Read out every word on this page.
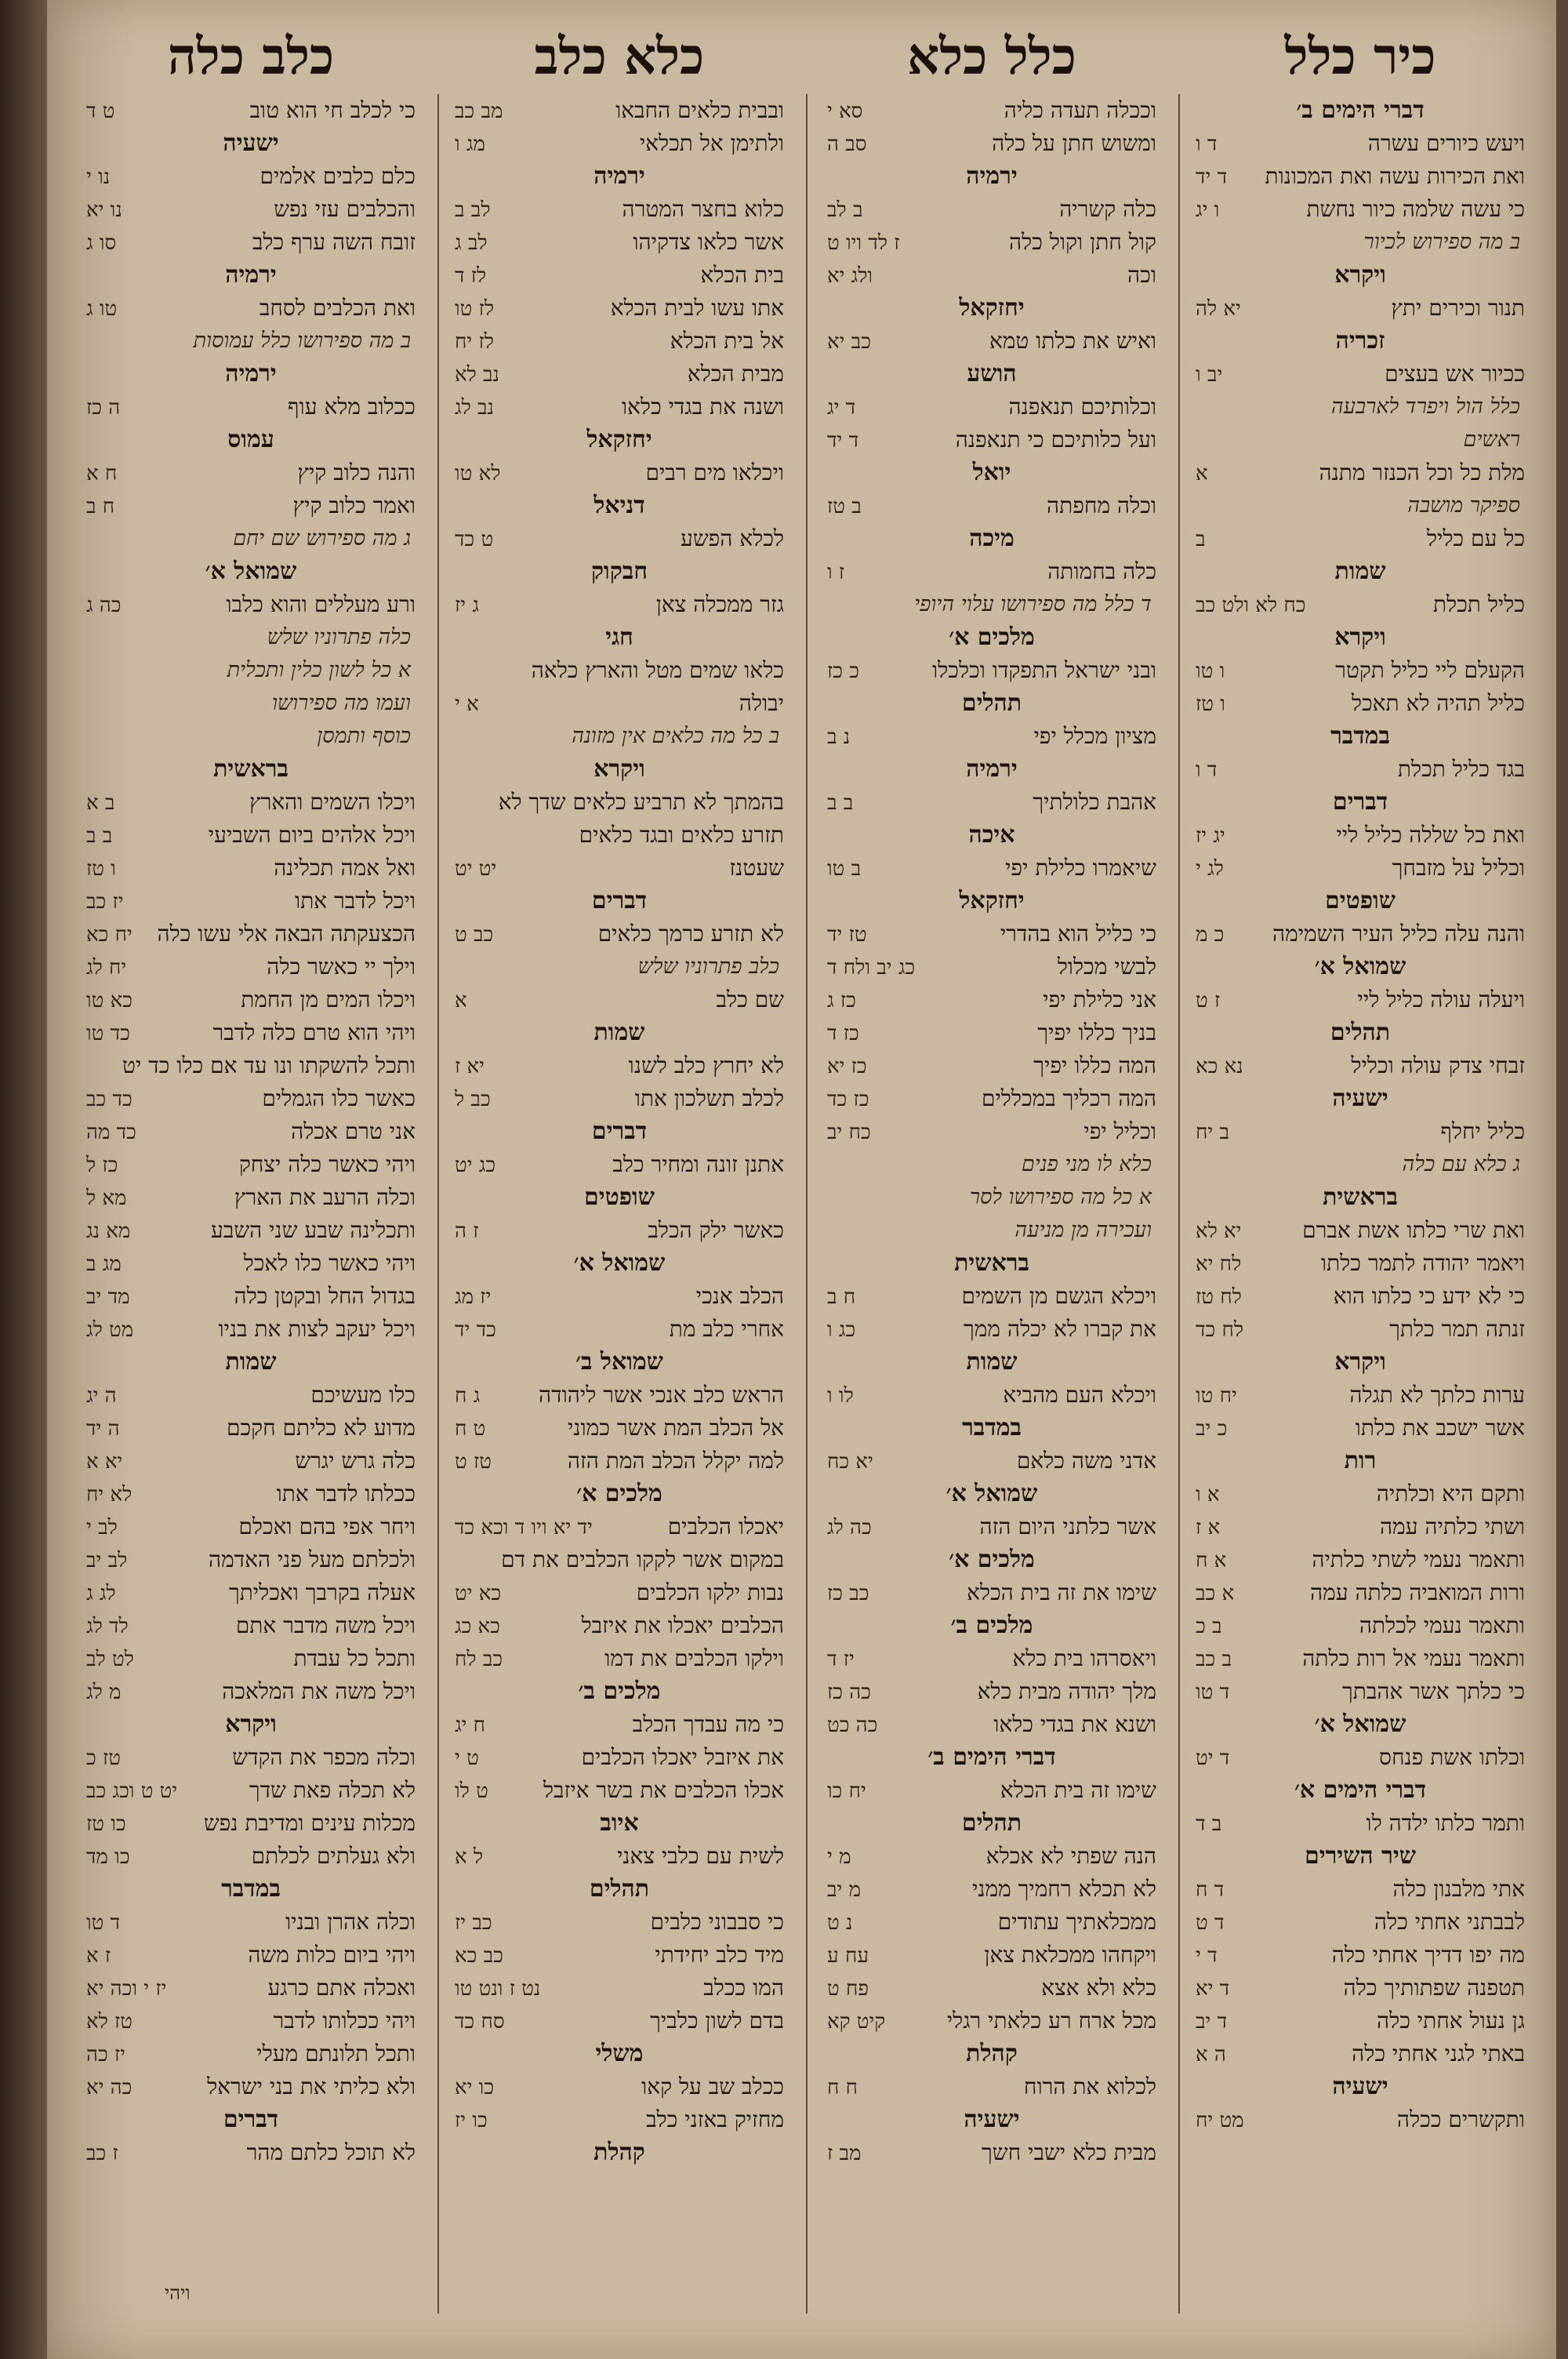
כיר כלל
כלל כלא
כלא כלב
כלב כלה
דברי הימים ב׳
ויעש כיורים עשרה
ד ו
ואת הכירות עשה ואת המכונות
ד יד
כי עשה שלמה כיור נחשת
ו יג
ב מה ספירוש לכיור
ויקרא
תנור וכירים יתץ
יא לה
זכריה
ככיור אש בעצים
יב ו
כלל הול ויפרד לארבעה
ראשים
מלת כל וכל הכנזר מתנה
א
ספיקר מושבה
כל עם כליל
ב
שמות
כליל תכלת
כח לא ולט כב
ויקרא
הקעלם ליי כליל תקטר
ו טו
כליל תהיה לא תאכל
ו טז
במדבר
בגד כליל תכלת
ד ו
דברים
ואת כל שללה כליל ליי
יג יז
וכליל על מזבחך
לג י
שופטים
והנה עלה כליל העיר השמימה
כ מ
שמואל א׳
ויעלה עולה כליל ליי
ז ט
תהלים
זבחי צדק עולה וכליל
נא כא
ישעיה
כליל יחלף
ב יח
ג כלא עם כלה
בראשית
ואת שרי כלתו אשת אברם
יא לא
ויאמר יהודה לתמר כלתו
לח יא
כי לא ידע כי כלתו הוא
לח טז
זנתה תמר כלתך
לח כד
ויקרא
ערות כלתך לא תגלה
יח טו
אשר ישכב את כלתו
כ יב
רות
ותקם היא וכלתיה
א ו
ושתי כלתיה עמה
א ז
ותאמר נעמי לשתי כלתיה
א ח
ורות המואביה כלתה עמה
א כב
ותאמר נעמי לכלתה
ב כ
ותאמר נעמי אל רות כלתה
ב כב
כי כלתך אשר אהבתך
ד טו
שמואל א׳
וכלתו אשת פנחס
ד יט
דברי הימים א׳
ותמר כלתו ילדה לו
ב ד
שיר השירים
אתי מלבנון כלה
ד ח
לבבתני אחתי כלה
ד ט
מה יפו דדיך אחתי כלה
ד י
תטפנה שפתותיך כלה
ד יא
גן נעול אחתי כלה
ד יב
באתי לגני אחתי כלה
ה א
ישעיה
ותקשרים ככלה
מט יח
וככלה תעדה כליה
סא י
ומשוש חתן על כלה
סב ה
ירמיה
כלה קשריה
ב לב
קול חתן וקול כלה
ז לד ויו ט
וכה
ולג יא
יחזקאל
ואיש את כלתו טמא
כב יא
הושע
וכלותיכם תנאפנה
ד יג
ועל כלותיכם כי תנאפנה
ד יד
יואל
וכלה מחפתה
ב טז
מיכה
כלה בחמותה
ז ו
ד כלל מה ספירושו עלוי היופי
מלכים א׳
ובני ישראל התפקדו וכלכלו
כ כז
תהלים
מציון מכלל יפי
נ ב
ירמיה
אהבת כלולתיך
ב ב
איכה
שיאמרו כלילת יפי
ב טו
יחזקאל
כי כליל הוא בהדרי
טז יד
לבשי מכלול
כג יב ולח ד
אני כלילת יפי
כז ג
בניך כללו יפיך
כז ד
המה כללו יפיך
כז יא
המה רכליך במכללים
כז כד
וכליל יפי
כח יב
כלא לו מני פנים
א כל מה ספירושו לסר
ועכירה מן מניעה
בראשית
ויכלא הגשם מן השמים
ח ב
את קברו לא יכלה ממך
כג ו
שמות
ויכלא העם מהביא
לו ו
במדבר
אדני משה כלאם
יא כח
שמואל א׳
אשר כלתני היום הזה
כה לג
מלכים א׳
שימו את זה בית הכלא
כב כז
מלכים ב׳
ויאסרהו בית כלא
יז ד
מלך יהודה מבית כלא
כה כז
ושנא את בגדי כלאו
כה כט
דברי הימים ב׳
שימו זה בית הכלא
יח כו
תהלים
הנה שפתי לא אכלא
מ י
לא תכלא רחמיך ממני
מ יב
ממכלאתיך עתודים
נ ט
ויקחהו ממכלאת צאן
עח ע
כלא ולא אצא
פח ט
מכל ארח רע כלאתי רגלי
קיט קא
קהלת
לכלוא את הרוח
ח ח
ישעיה
מבית כלא ישבי חשך
מב ז
ובבית כלאים החבאו
מב כב
ולתימן אל תכלאי
מג ו
ירמיה
כלוא בחצר המטרה
לב ב
אשר כלאו צדקיהו
לב ג
בית הכלא
לז ד
אתו עשו לבית הכלא
לז טו
אל בית הכלא
לז יח
מבית הכלא
נב לא
ושנה את בגדי כלאו
נב לג
יחזקאל
ויכלאו מים רבים
לא טו
דניאל
לכלא הפשע
ט כד
חבקוק
גזר ממכלה צאן
ג יז
חגי
כלאו שמים מטל והארץ כלאה
יבולה
א י
ב כל מה כלאים אין מזונה
ויקרא
בהמתך לא תרביע כלאים שדך לא
תזרע כלאים ובגד כלאים
שעטנז
יט יט
דברים
לא תזרע כרמך כלאים
כב ט
כלב פתרוניו שלש
שם כלב
א
שמות
לא יחרץ כלב לשנו
יא ז
לכלב תשלכון אתו
כב ל
דברים
אתנן זונה ומחיר כלב
כג יט
שופטים
כאשר ילק הכלב
ז ה
שמואל א׳
הכלב אנכי
יז מג
אחרי כלב מת
כד יד
שמואל ב׳
הראש כלב אנכי אשר ליהודה
ג ח
אל הכלב המת אשר כמוני
ט ח
למה יקלל הכלב המת הזה
טז ט
מלכים א׳
יאכלו הכלבים
יד יא ויו ד וכא כד
במקום אשר לקקו הכלבים את דם
נבות ילקו הכלבים
כא יט
הכלבים יאכלו את איזבל
כא כג
וילקו הכלבים את דמו
כב לח
מלכים ב׳
כי מה עבדך הכלב
ח יג
את איזבל יאכלו הכלבים
ט י
אכלו הכלבים את בשר איזבל
ט לו
איוב
לשית עם כלבי צאני
ל א
תהלים
כי סבבוני כלבים
כב יז
מיד כלב יחידתי
כב כא
המו ככלב
נט ז ונט טו
בדם לשון כלביך
סח כד
משלי
ככלב שב על קאו
כו יא
מחזיק באזני כלב
כו יז
קהלת
כי לכלב חי הוא טוב
ט ד
ישעיה
כלם כלבים אלמים
נו י
והכלבים עזי נפש
נו יא
זובח השה ערף כלב
סו ג
ירמיה
ואת הכלבים לסחב
טו ג
ב מה ספירושו כלל עמוסות
ירמיה
ככלוב מלא עוף
ה כז
עמוס
והנה כלוב קיץ
ח א
ואמר כלוב קיץ
ח ב
ג מה ספירוש שם יחם
שמואל א׳
ורע מעללים והוא כלבו
כה ג
כלה פתרוניו שלש
א כל לשון כלין ותכלית
ועמו מה ספירושו
כוסף ותמסן
בראשית
ויכלו השמים והארץ
ב א
ויכל אלהים ביום השביעי
ב ב
ואל אמה תכלינה
ו טז
ויכל לדבר אתו
יז כב
הכצעקתה הבאה אלי עשו כלה
יח כא
וילך יי כאשר כלה
יח לג
ויכלו המים מן החמת
כא טו
ויהי הוא טרם כלה לדבר
כד טו
ותכל להשקתו ונו עד אם כלו כד יט
כאשר כלו הגמלים
כד כב
אני טרם אכלה
כד מה
ויהי כאשר כלה יצחק
כז ל
וכלה הרעב את הארץ
מא ל
ותכלינה שבע שני השבע
מא נג
ויהי כאשר כלו לאכל
מג ב
בגדול החל ובקטן כלה
מד יב
ויכל יעקב לצות את בניו
מט לג
שמות
כלו מעשיכם
ה יג
מדוע לא כליתם חקכם
ה יד
כלה גרש יגרש
יא א
ככלתו לדבר אתו
לא יח
ויחר אפי בהם ואכלם
לב י
ולכלתם מעל פני האדמה
לב יב
אעלה בקרבך ואכליתך
לג ג
ויכל משה מדבר אתם
לד לג
ותכל כל עבדת
לט לב
ויכל משה את המלאכה
מ לג
ויקרא
וכלה מכפר את הקדש
טז כ
לא תכלה פאת שדך
יט ט וכג כב
מכלות עינים ומדיבת נפש
כו טז
ולא געלתים לכלתם
כו מד
במדבר
וכלה אהרן ובניו
ד טו
ויהי ביום כלות משה
ז א
ואכלה אתם כרגע
יז י וכה יא
ויהי ככלותו לדבר
טז לא
ותכל תלונתם מעלי
יז כה
ולא כליתי את בני ישראל
כה יא
דברים
לא תוכל כלתם מהר
ז כב
ויהי
